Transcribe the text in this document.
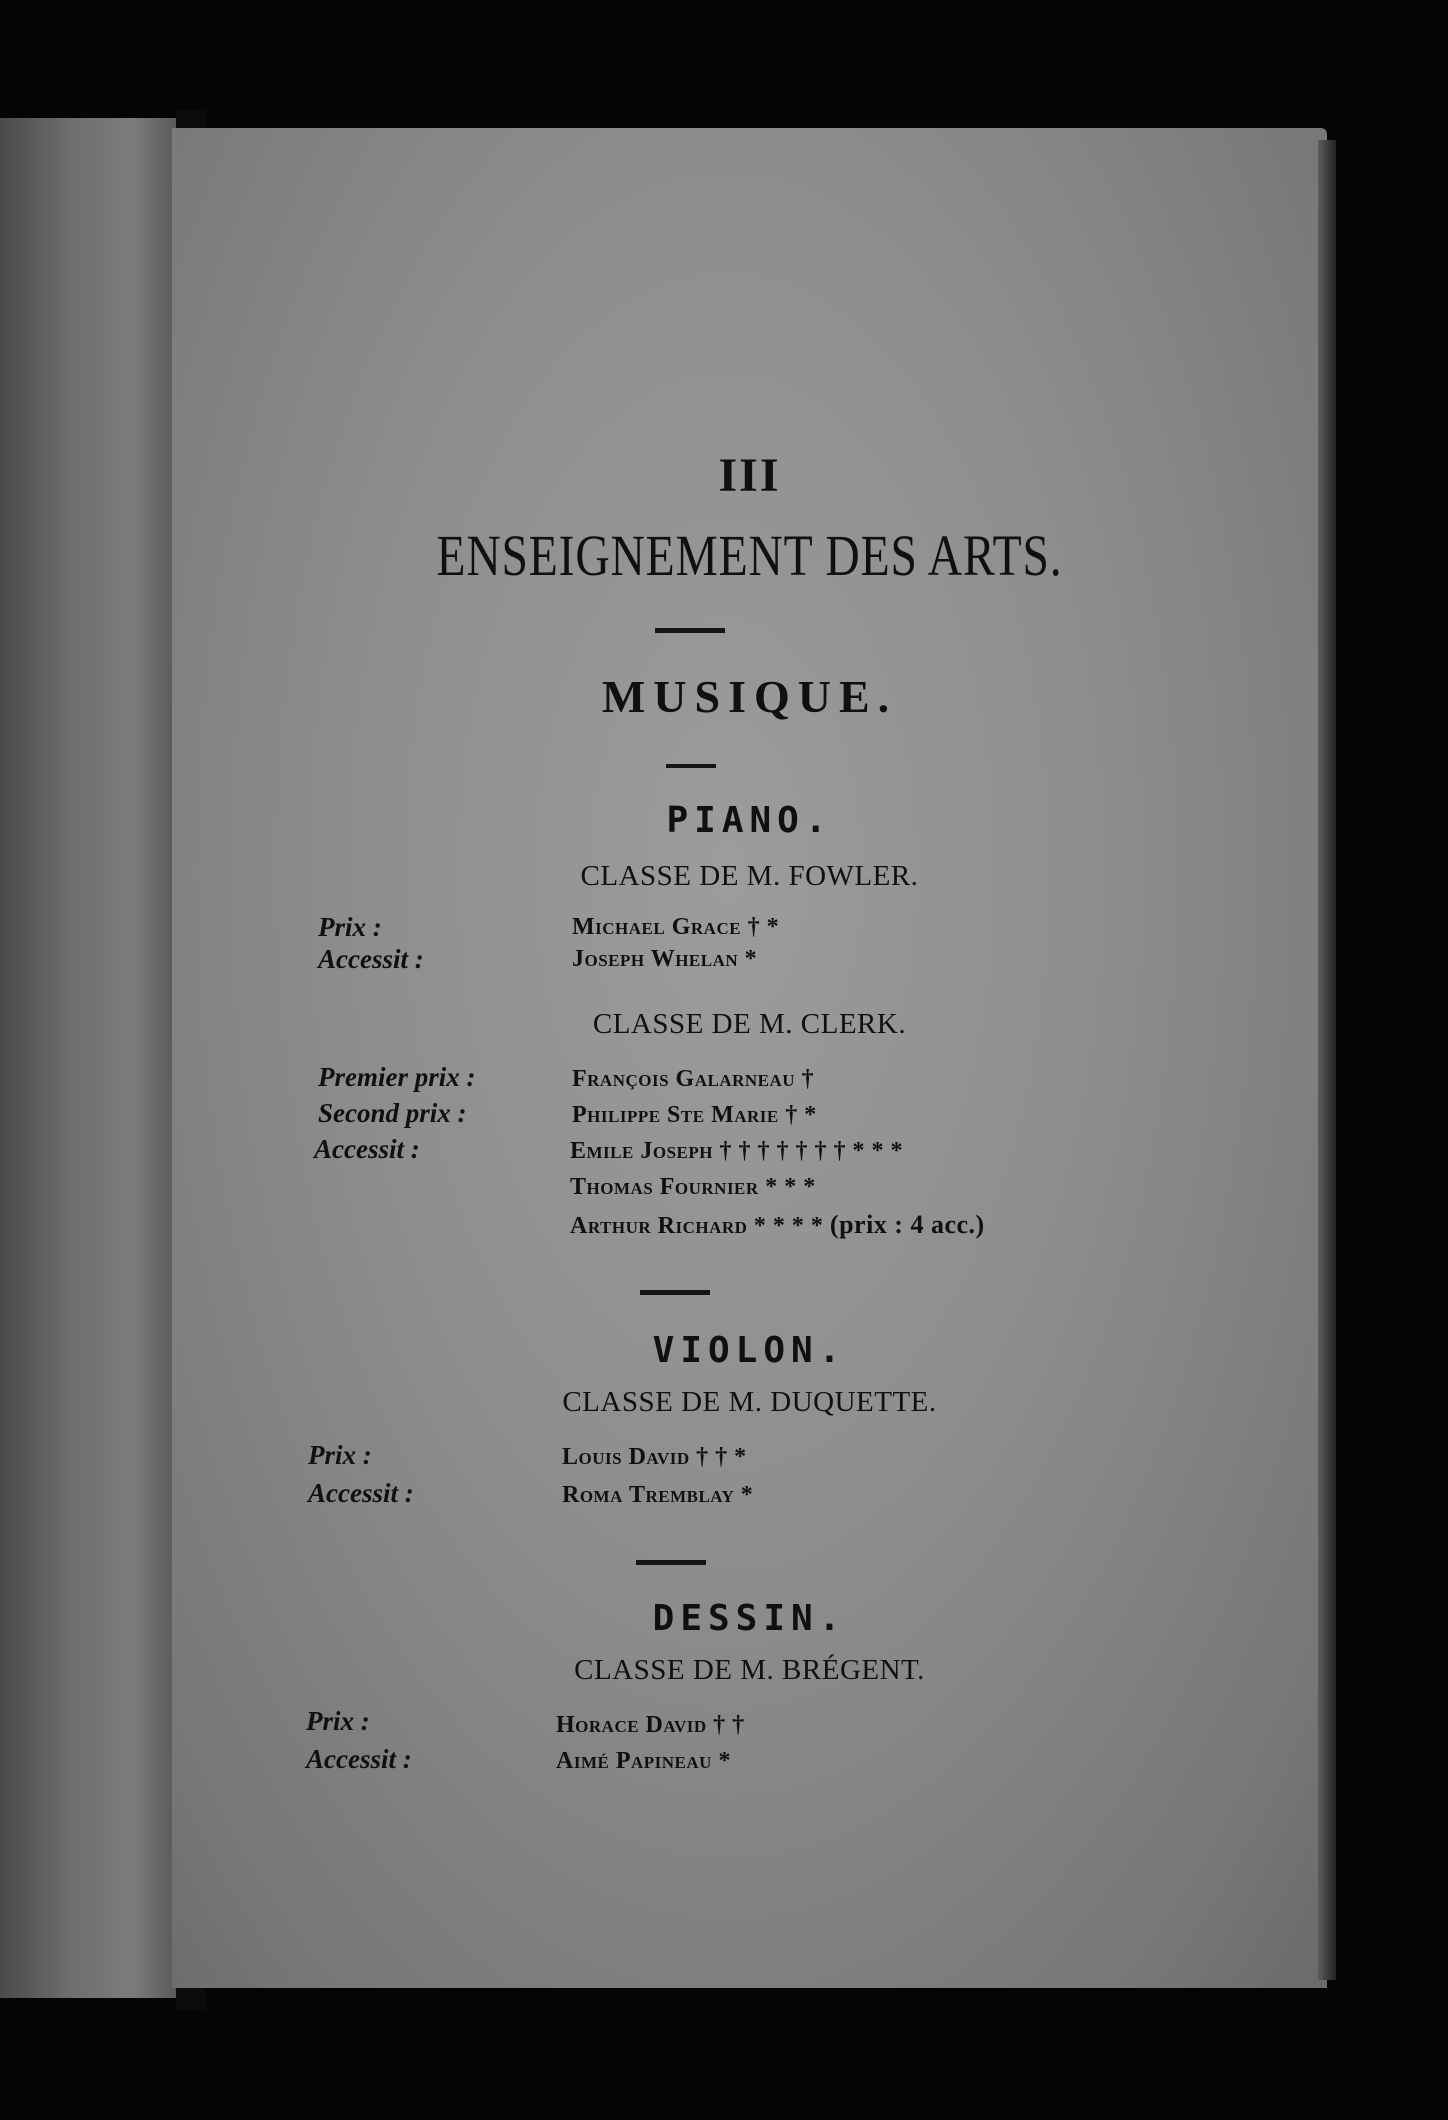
III
ENSEIGNEMENT DES ARTS.
MUSIQUE.
PIANO.
CLASSE DE M. FOWLER.
Prix :	Michael Grace † *
Accessit :	Joseph Whelan *
CLASSE DE M. CLERK.
Premier prix :	François Galarneau †
Second prix :	Philippe Ste Marie † *
Accessit :	Emile Joseph † † † † † † † * * *
Thomas Fournier * * *
Arthur Richard * * * * (prix : 4 acc.)
VIOLON.
CLASSE DE M. DUQUETTE.
Prix :	Louis David † † *
Accessit :	Roma Tremblay *
DESSIN.
CLASSE DE M. BRÉGENT.
Prix :	Horace David † †
Accessit :	Aimé Papineau *
